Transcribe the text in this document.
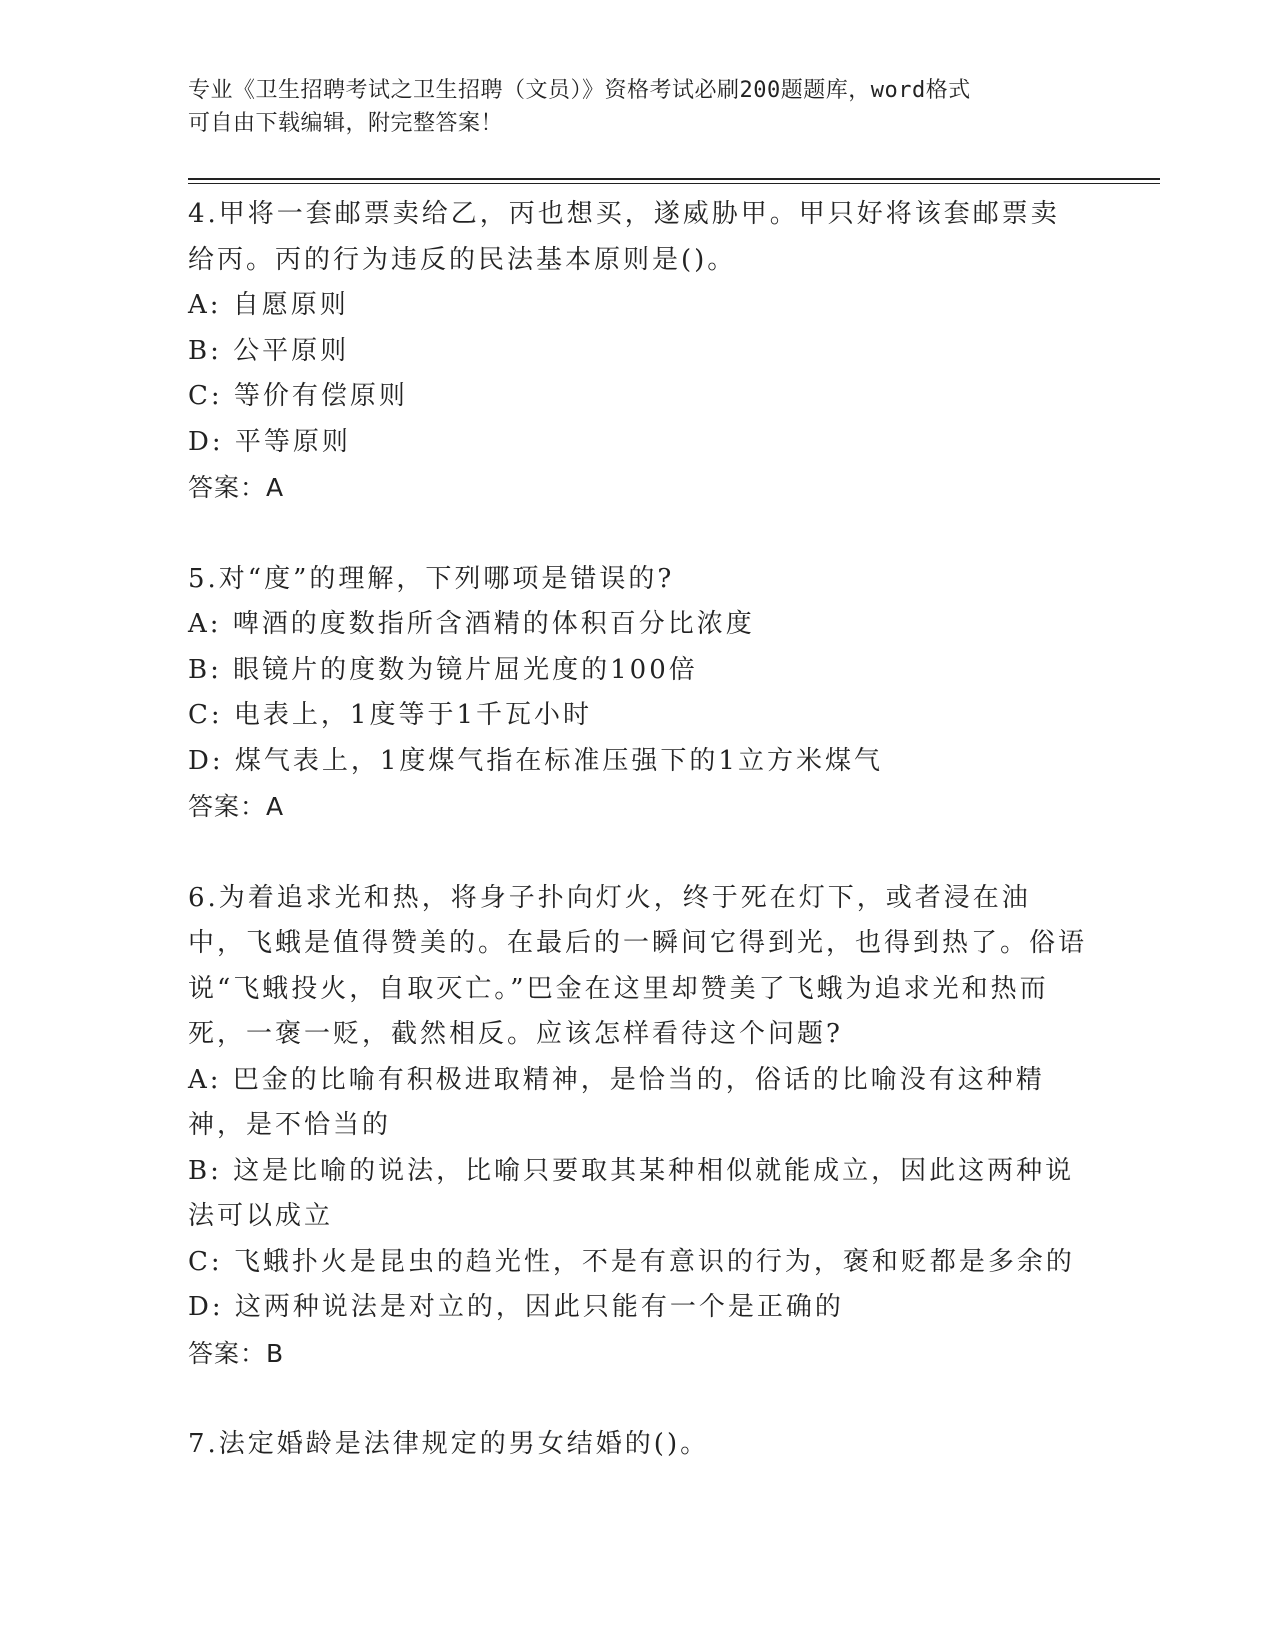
专业《卫生招聘考试之卫生招聘（文员）》资格考试必刷200题题库，word格式
可自由下载编辑，附完整答案！
4.甲将一套邮票卖给乙，丙也想买，遂威胁甲。甲只好将该套邮票卖给丙。丙的行为违反的民法基本原则是()。
A: 自愿原则
B: 公平原则
C: 等价有偿原则
D: 平等原则
答案：A
5.对“度”的理解，下列哪项是错误的?
A: 啤酒的度数指所含酒精的体积百分比浓度
B: 眼镜片的度数为镜片屈光度的100倍
C: 电表上，1度等于1千瓦小时
D: 煤气表上，1度煤气指在标准压强下的1立方米煤气
答案：A
6.为着追求光和热，将身子扑向灯火，终于死在灯下，或者浸在油中，飞蛾是值得赞美的。在最后的一瞬间它得到光，也得到热了。俗语说“飞蛾投火，自取灭亡。”巴金在这里却赞美了飞蛾为追求光和热而死，一褒一贬，截然相反。应该怎样看待这个问题?
A: 巴金的比喻有积极进取精神，是恰当的，俗话的比喻没有这种精神，是不恰当的
B: 这是比喻的说法，比喻只要取其某种相似就能成立，因此这两种说法可以成立
C: 飞蛾扑火是昆虫的趋光性，不是有意识的行为，褒和贬都是多余的
D: 这两种说法是对立的，因此只能有一个是正确的
答案：B
7.法定婚龄是法律规定的男女结婚的()。
